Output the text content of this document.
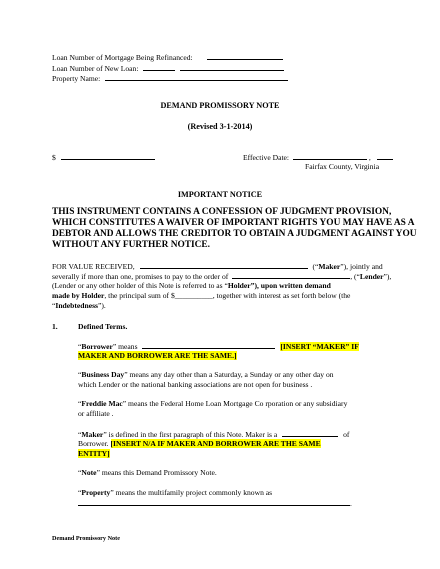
Loan Number of Mortgage Being Refinanced:
Loan Number of New Loan:
Property Name:
DEMAND PROMISSORY NOTE
(Revised 3-1-2014)
$	Effective Date:	,
Fairfax County, Virginia
IMPORTANT NOTICE
THIS INSTRUMENT CONTAINS A CONFESSION OF JUDGMENT PROVISION,
WHICH CONSTITUTES A WAIVER OF IMPORTANT RIGHTS YOU MAY HAVE AS A
DEBTOR AND ALLOWS THE CREDITOR TO OBTAIN A JUDGMENT AGAINST YOU
WITHOUT ANY FURTHER NOTICE.
FOR VALUE RECEIVED,	(“Maker”), jointly and
severally if more than one, promises to pay to the order of	, (“Lender”),
(Lender or any other holder of this Note is referred to as “Holder”), upon written demand
made by Holder, the principal sum of $__________, together with interest as set forth below (the
“Indebtedness”).
1.	Defined Terms.
“Borrower” means	[INSERT “MAKER” IF
MAKER AND BORROWER ARE THE SAME.]
“Business Day” means any day other than a Saturday, a Sunday or any other day on
which Lender or the national banking associations are not open for business .
“Freddie Mac” means the Federal Home Loan Mortgage Co rporation or any subsidiary
or affiliate .
“Maker” is defined in the first paragraph of this Note. Maker is a	of
Borrower. [INSERT N/A IF MAKER AND BORROWER ARE THE SAME
ENTITY]
“Note” means this Demand Promissory Note.
“Property” means the multifamily project commonly known as
.
Demand Promissory Note
